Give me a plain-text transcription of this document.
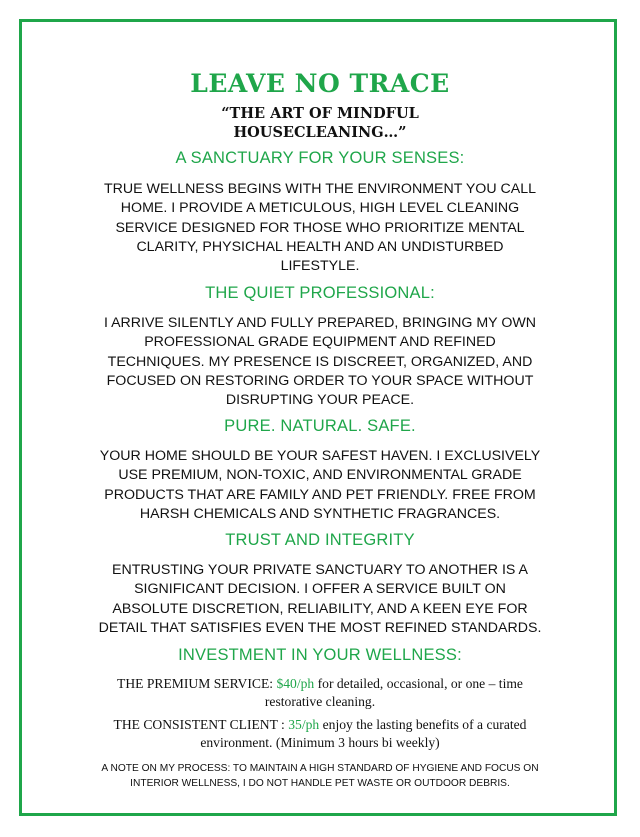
LEAVE NO TRACE
“THE ART OF MINDFUL
HOUSECLEANING…”
A SANCTUARY FOR YOUR SENSES:
TRUE WELLNESS BEGINS WITH THE ENVIRONMENT YOU CALL
HOME. I PROVIDE A METICULOUS, HIGH LEVEL CLEANING
SERVICE DESIGNED FOR THOSE WHO PRIORITIZE MENTAL
CLARITY, PHYSICHAL HEALTH AND AN UNDISTURBED
LIFESTYLE.
THE QUIET PROFESSIONAL:
I ARRIVE SILENTLY AND FULLY PREPARED, BRINGING MY OWN
PROFESSIONAL GRADE EQUIPMENT AND REFINED
TECHNIQUES. MY PRESENCE IS DISCREET, ORGANIZED, AND
FOCUSED ON RESTORING ORDER TO YOUR SPACE WITHOUT
DISRUPTING YOUR PEACE.
PURE. NATURAL. SAFE.
YOUR HOME SHOULD BE YOUR SAFEST HAVEN. I EXCLUSIVELY
USE PREMIUM, NON-TOXIC, AND ENVIRONMENTAL GRADE
PRODUCTS THAT ARE FAMILY AND PET FRIENDLY. FREE FROM
HARSH CHEMICALS AND SYNTHETIC FRAGRANCES.
TRUST AND INTEGRITY
ENTRUSTING YOUR PRIVATE SANCTUARY TO ANOTHER IS A
SIGNIFICANT DECISION. I OFFER A SERVICE BUILT ON
ABSOLUTE DISCRETION, RELIABILITY, AND A KEEN EYE FOR
DETAIL THAT SATISFIES EVEN THE MOST REFINED STANDARDS.
INVESTMENT IN YOUR WELLNESS:
THE PREMIUM SERVICE: $40/ph for detailed, occasional, or one – time
restorative cleaning.
THE CONSISTENT CLIENT : 35/ph enjoy the lasting benefits of a curated
environment. (Minimum 3 hours bi weekly)
A NOTE ON MY PROCESS: TO MAINTAIN A HIGH STANDARD OF HYGIENE AND FOCUS ON
INTERIOR WELLNESS, I DO NOT HANDLE PET WASTE OR OUTDOOR DEBRIS.
